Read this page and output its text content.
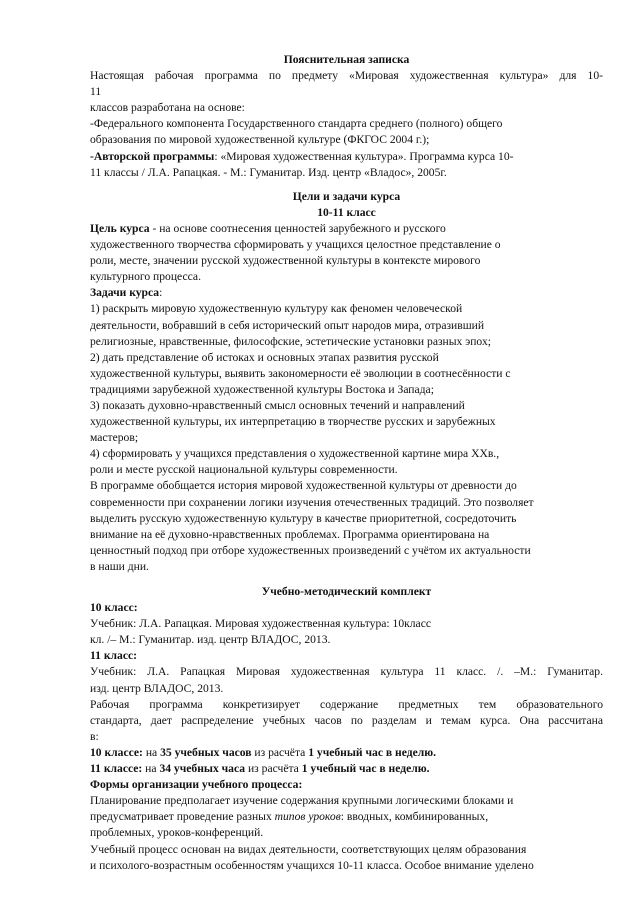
Пояснительная записка
Настоящая рабочая программа по предмету «Мировая художественная культура» для 10-
11
классов разработана на основе:
-Федерального компонента Государственного стандарта среднего (полного) общего
образования по мировой художественной культуре (ФКГОС 2004 г.);
-Авторской программы: «Мировая художественная культура». Программа курса 10-
11 классы / Л.А. Рапацкая. - М.: Гуманитар. Изд. центр «Владос», 2005г.
Цели и задачи курса
10-11 класс
Цель курса - на основе соотнесения ценностей зарубежного и русского
художественного творчества сформировать у учащихся целостное представление о
роли, месте, значении русской художественной культуры в контексте мирового
культурного процесса.
Задачи курса:
1) раскрыть мировую художественную культуру как феномен человеческой
деятельности, вобравший в себя исторический опыт народов мира, отразивший
религиозные, нравственные, философские, эстетические установки разных эпох;
2) дать представление об истоках и основных этапах развития русской
художественной культуры, выявить закономерности её эволюции в соотнесённости с
традициями зарубежной художественной культуры Востока и Запада;
3) показать духовно-нравственный смысл основных течений и направлений
художественной культуры, их интерпретацию в творчестве русских и зарубежных
мастеров;
4) сформировать у учащихся представления о художественной картине мира XXв.,
роли и месте русской национальной культуры современности.
В программе обобщается история мировой художественной культуры от древности до
современности при сохранении логики изучения отечественных традиций. Это позволяет
выделить русскую художественную культуру в качестве приоритетной, сосредоточить
внимание на её духовно-нравственных проблемах. Программа ориентирована на
ценностный подход при отборе художественных произведений с учётом их актуальности
в наши дни.
Учебно-методический комплект
10 класс:
Учебник: Л.А. Рапацкая. Мировая художественная культура: 10класс
кл. /– М.: Гуманитар. изд. центр ВЛАДОС, 2013.
11 класс:
Учебник: Л.А. Рапацкая Мировая художественная культура 11 класс. /. –М.: Гуманитар.
изд. центр ВЛАДОС, 2013.
Рабочая программа конкретизирует содержание предметных тем образовательного
стандарта, дает распределение учебных часов по разделам и темам курса. Она рассчитана
в:
10 классе: на 35 учебных часов из расчёта 1 учебный час в неделю.
11 классе: на 34 учебных часа из расчёта 1 учебный час в неделю.
Формы организации учебного процесса:
Планирование предполагает изучение содержания крупными логическими блоками и
предусматривает проведение разных типов уроков: вводных, комбинированных,
проблемных, уроков-конференций.
Учебный процесс основан на видах деятельности, соответствующих целям образования
и психолого-возрастным особенностям учащихся 10-11 класса. Особое внимание уделено
